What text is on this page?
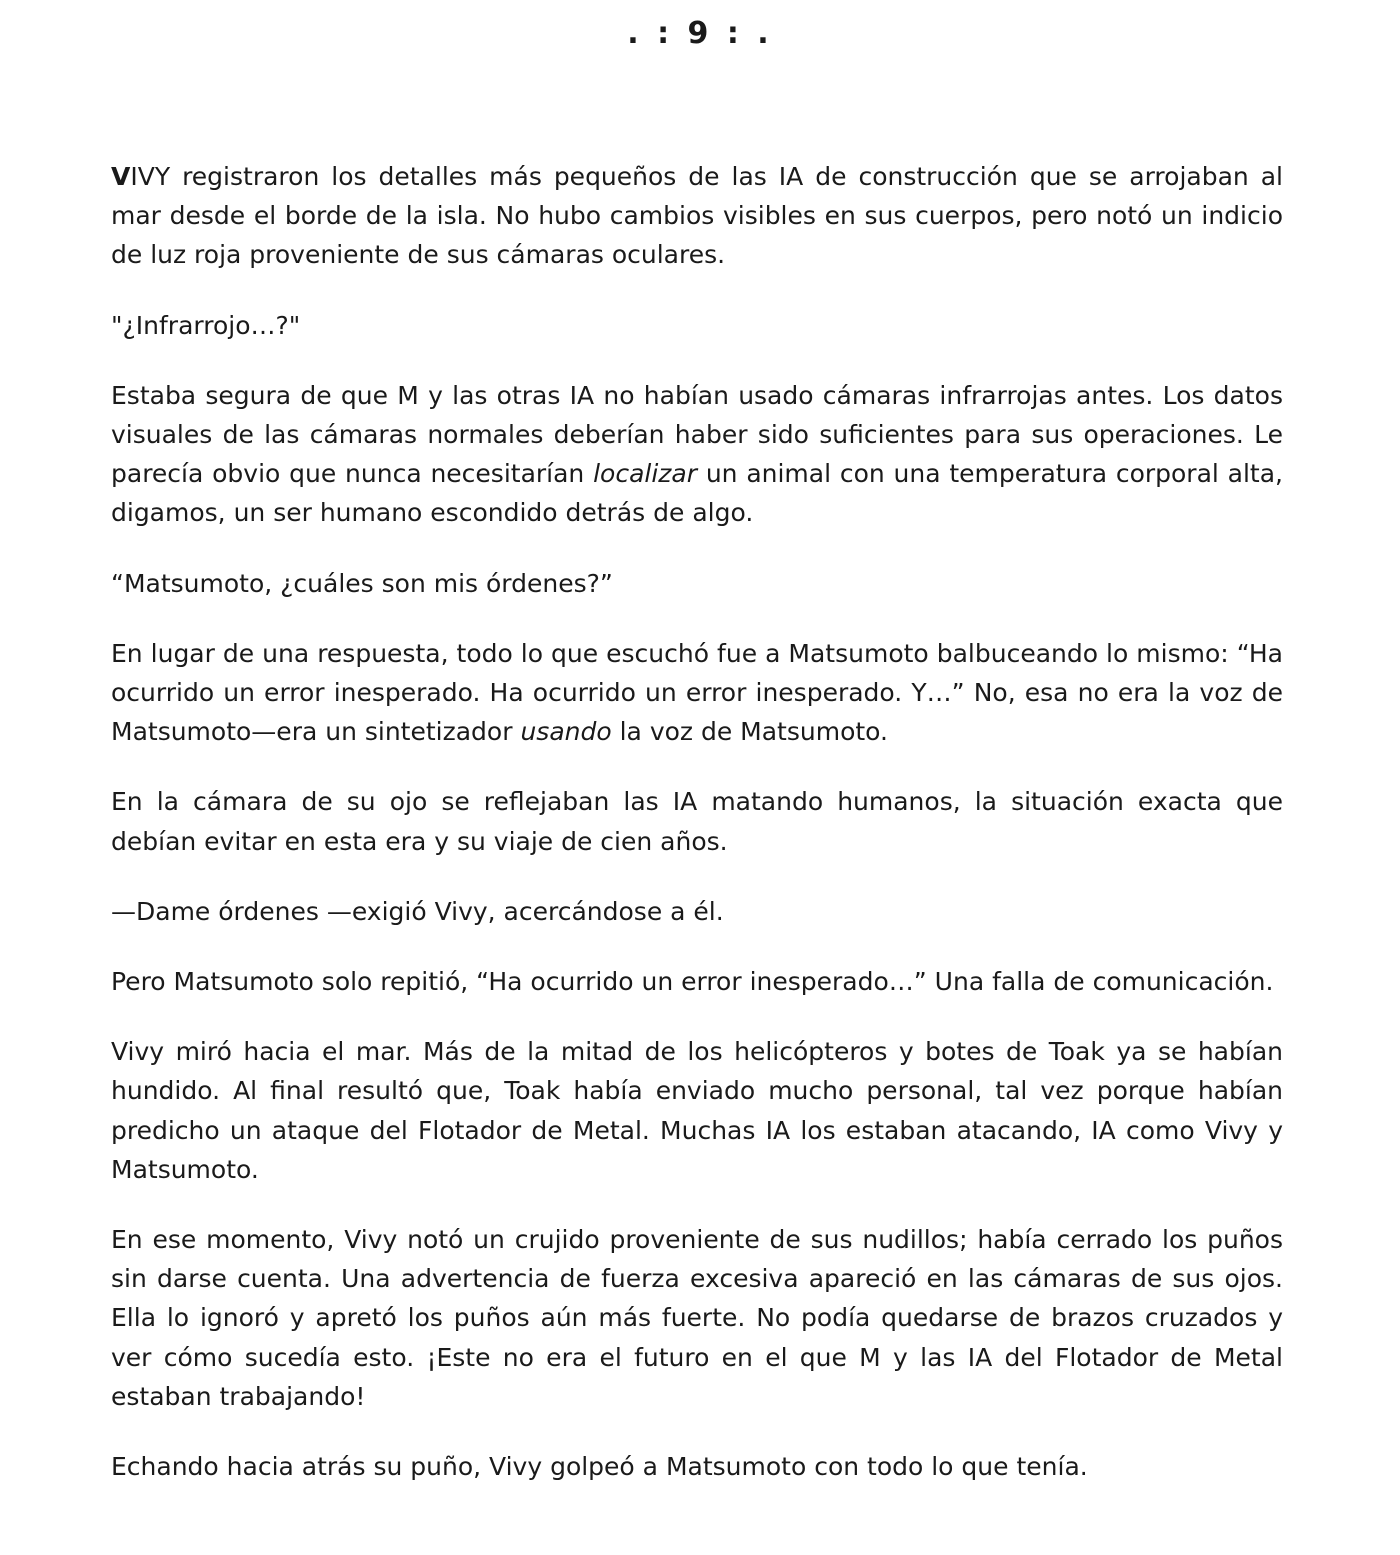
. : 9 : .

VIVY registraron los detalles más pequeños de las IA de construcción que se arrojaban al mar desde el borde de la isla. No hubo cambios visibles en sus cuerpos, pero notó un indicio de luz roja proveniente de sus cámaras oculares.

"¿Infrarrojo…?"

Estaba segura de que M y las otras IA no habían usado cámaras infrarrojas antes. Los datos visuales de las cámaras normales deberían haber sido suficientes para sus operaciones. Le parecía obvio que nunca necesitarían localizar un animal con una temperatura corporal alta, digamos, un ser humano escondido detrás de algo.

“Matsumoto, ¿cuáles son mis órdenes?”

En lugar de una respuesta, todo lo que escuchó fue a Matsumoto balbuceando lo mismo: “Ha ocurrido un error inesperado. Ha ocurrido un error inesperado. Y…” No, esa no era la voz de Matsumoto—era un sintetizador usando la voz de Matsumoto.

En la cámara de su ojo se reflejaban las IA matando humanos, la situación exacta que debían evitar en esta era y su viaje de cien años.

—Dame órdenes —exigió Vivy, acercándose a él.

Pero Matsumoto solo repitió, “Ha ocurrido un error inesperado…” Una falla de comunicación.

Vivy miró hacia el mar. Más de la mitad de los helicópteros y botes de Toak ya se habían hundido. Al final resultó que, Toak había enviado mucho personal, tal vez porque habían predicho un ataque del Flotador de Metal. Muchas IA los estaban atacando, IA como Vivy y Matsumoto.

En ese momento, Vivy notó un crujido proveniente de sus nudillos; había cerrado los puños sin darse cuenta. Una advertencia de fuerza excesiva apareció en las cámaras de sus ojos. Ella lo ignoró y apretó los puños aún más fuerte. No podía quedarse de brazos cruzados y ver cómo sucedía esto. ¡Este no era el futuro en el que M y las IA del Flotador de Metal estaban trabajando!

Echando hacia atrás su puño, Vivy golpeó a Matsumoto con todo lo que tenía.
